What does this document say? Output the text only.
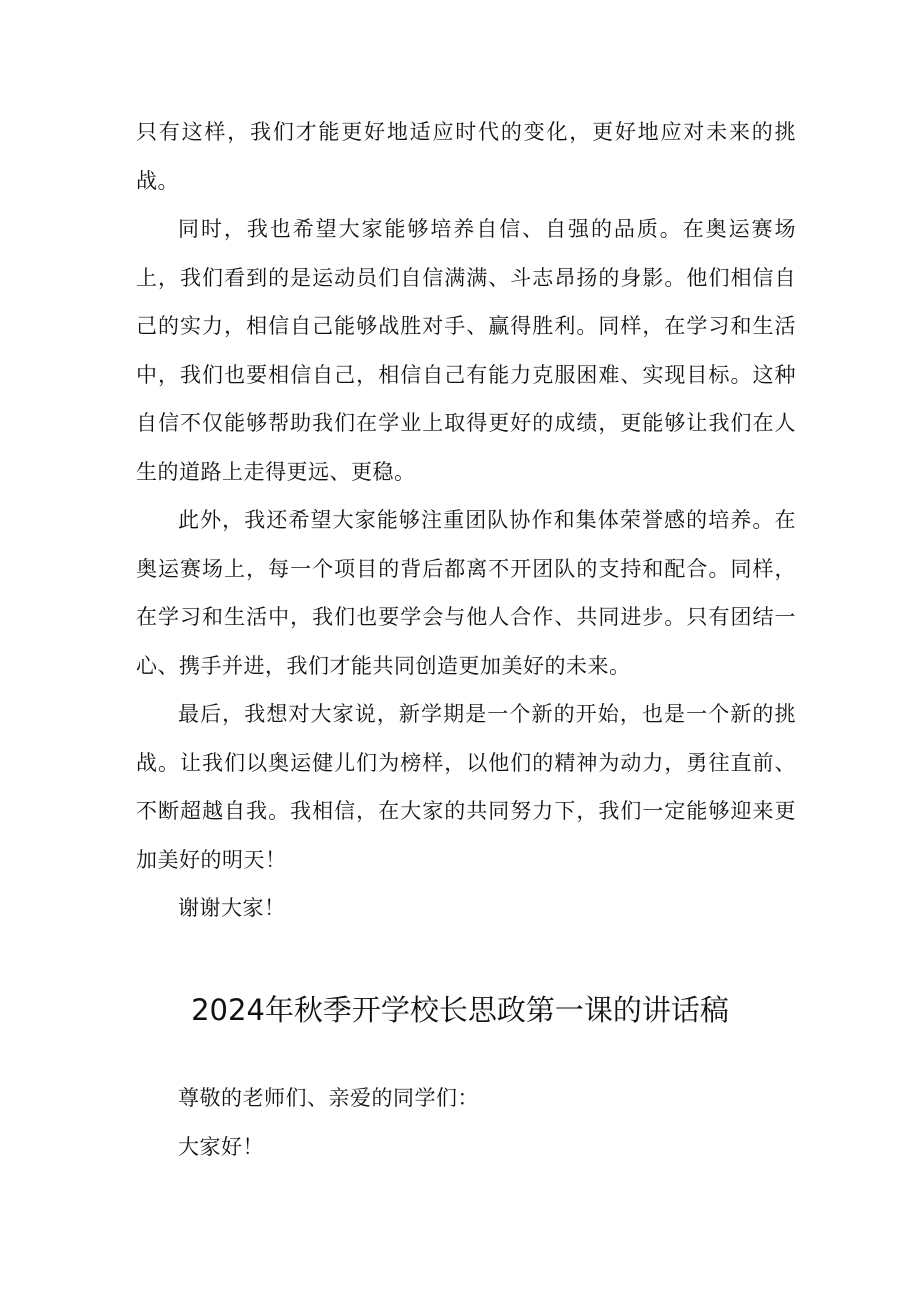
只有这样，我们才能更好地适应时代的变化，更好地应对未来的挑战。

同时，我也希望大家能够培养自信、自强的品质。在奥运赛场上，我们看到的是运动员们自信满满、斗志昂扬的身影。他们相信自己的实力，相信自己能够战胜对手、赢得胜利。同样，在学习和生活中，我们也要相信自己，相信自己有能力克服困难、实现目标。这种自信不仅能够帮助我们在学业上取得更好的成绩，更能够让我们在人生的道路上走得更远、更稳。

此外，我还希望大家能够注重团队协作和集体荣誉感的培养。在奥运赛场上，每一个项目的背后都离不开团队的支持和配合。同样，在学习和生活中，我们也要学会与他人合作、共同进步。只有团结一心、携手并进，我们才能共同创造更加美好的未来。

最后，我想对大家说，新学期是一个新的开始，也是一个新的挑战。让我们以奥运健儿们为榜样，以他们的精神为动力，勇往直前、不断超越自我。我相信，在大家的共同努力下，我们一定能够迎来更加美好的明天！

谢谢大家！

2024年秋季开学校长思政第一课的讲话稿

尊敬的老师们、亲爱的同学们：

大家好！
